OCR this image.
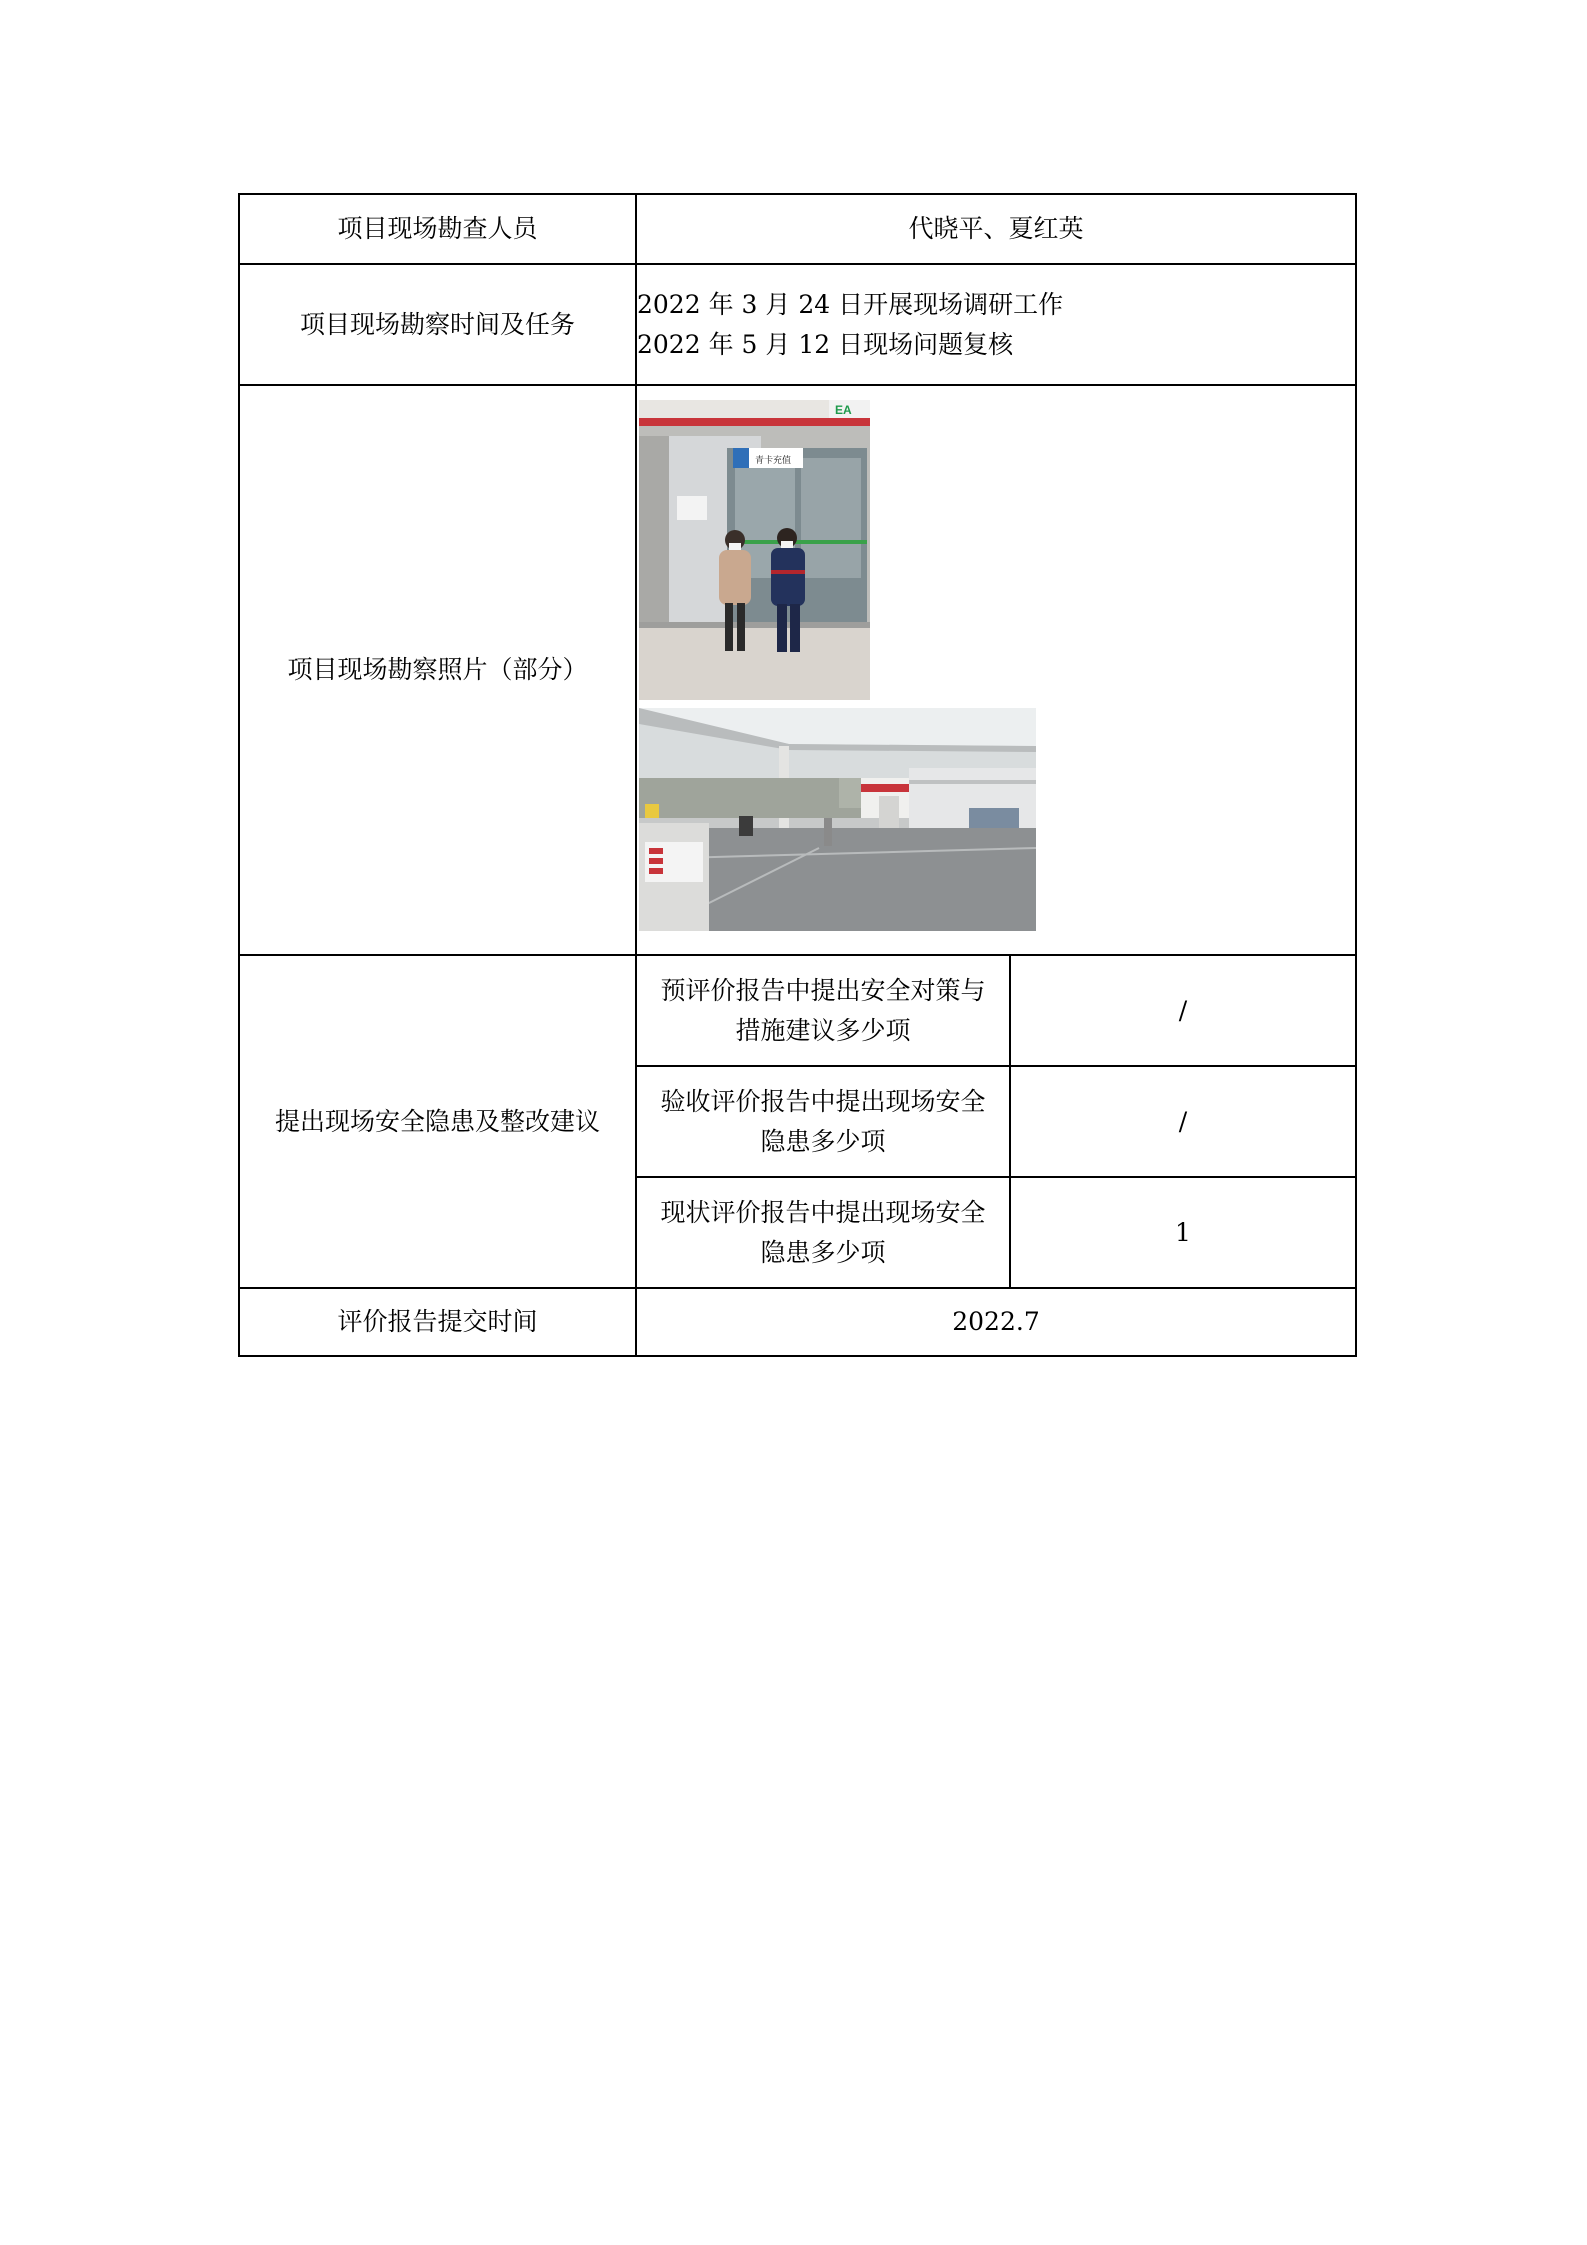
项目现场勘查人员	代晓平、夏红英	
项目现场勘察时间及任务	2022 年 3 月 24 日开展现场调研工作
2022 年 5 月 12 日现场问题复核	

项目现场勘察照片（部分）	EA
青卡充值	

提出现场安全隐患及整改建议	预评价报告中提出安全对策与
措施建议多少项	/

	验收评价报告中提出现场安全
隐患多少项	/

	现状评价报告中提出现场安全
隐患多少项	1
评价报告提交时间	2022.7	
